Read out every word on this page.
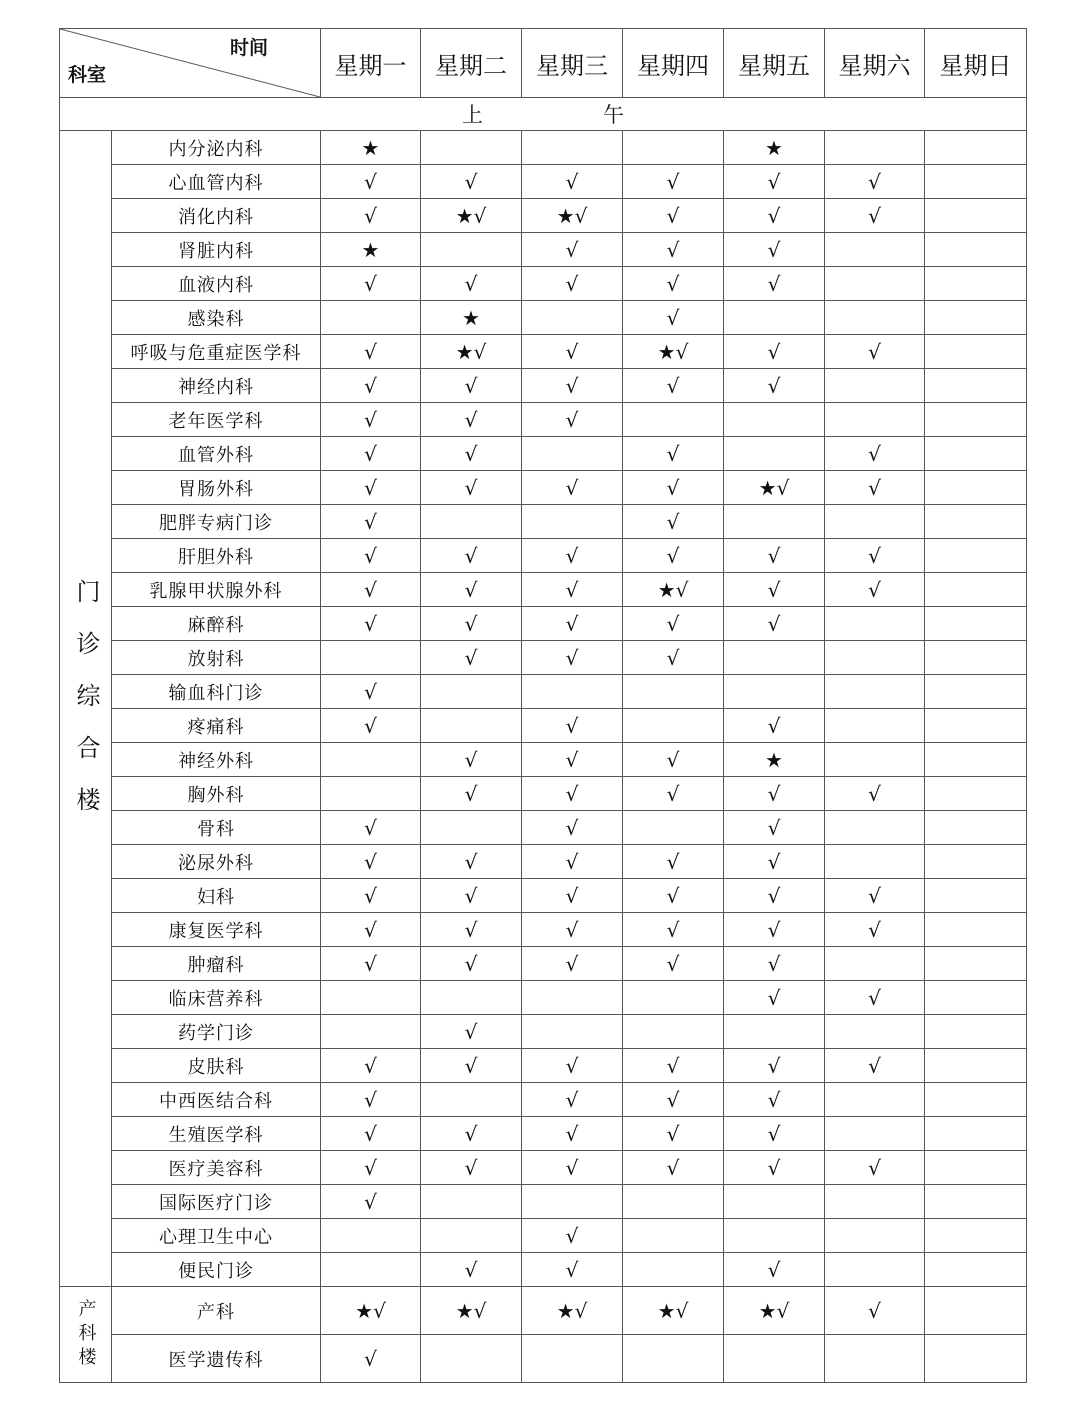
时间
科室		星期一	星期二	星期三	星期四	星期五	星期六	星期日
上午								
门诊综合楼	内分泌内科	★				★		
	心血管内科	√	√	√	√	√	√	
	消化内科	√	★√	★√	√	√	√	
	肾脏内科	★		√	√	√		
	血液内科	√	√	√	√	√		
	感染科		★		√			
	呼吸与危重症医学科	√	★√	√	★√	√	√	
	神经内科	√	√	√	√	√		
	老年医学科	√	√	√				
	血管外科	√	√		√		√	
	胃肠外科	√	√	√	√	★√	√	
	肥胖专病门诊	√			√			
	肝胆外科	√	√	√	√	√	√	
	乳腺甲状腺外科	√	√	√	★√	√	√	
	麻醉科	√	√	√	√	√		
	放射科		√	√	√			
	输血科门诊	√						
	疼痛科	√		√		√		
	神经外科		√	√	√	★		
	胸外科		√	√	√	√	√	
	骨科	√		√		√		
	泌尿外科	√	√	√	√	√		
	妇科	√	√	√	√	√	√	
	康复医学科	√	√	√	√	√	√	
	肿瘤科	√	√	√	√	√		
	临床营养科					√	√	
	药学门诊		√					
	皮肤科	√	√	√	√	√	√	
	中西医结合科	√		√	√	√		
	生殖医学科	√	√	√	√	√		
	医疗美容科	√	√	√	√	√	√	
	国际医疗门诊	√						
	心理卫生中心			√				
	便民门诊		√	√		√		
产科楼	产科	★√	★√	★√	★√	★√	√	
	医学遗传科	√						
